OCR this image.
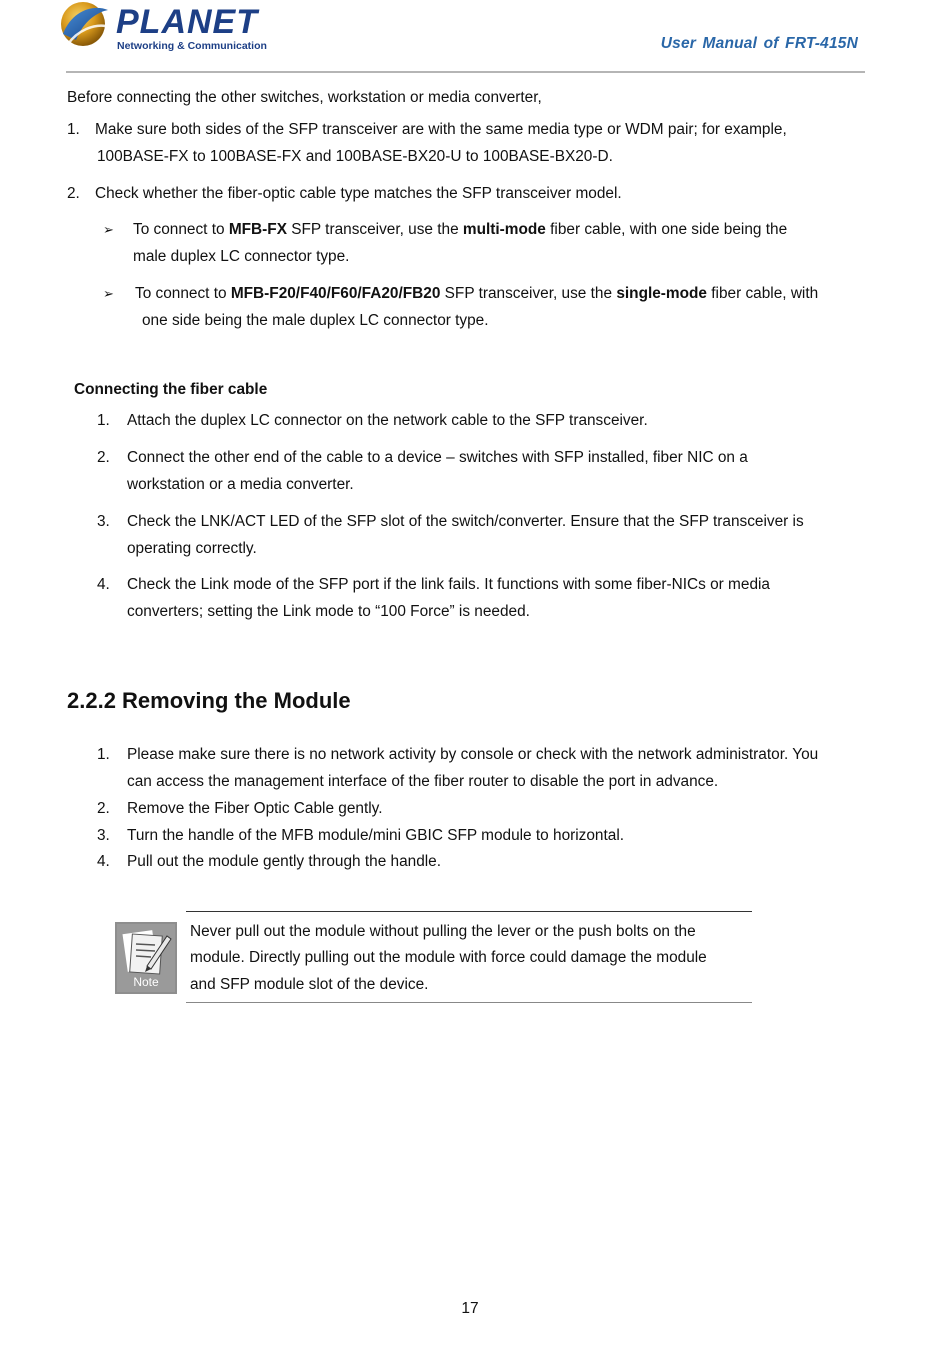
PLANET
Networking & Communication	User Manual of FRT-415N
Before connecting the other switches, workstation or media converter,
1. Make sure both sides of the SFP transceiver are with the same media type or WDM pair; for example,
100BASE-FX to 100BASE-FX and 100BASE-BX20-U to 100BASE-BX20-D.
2. Check whether the fiber-optic cable type matches the SFP transceiver model.
➢ To connect to MFB-FX SFP transceiver, use the multi-mode fiber cable, with one side being the
male duplex LC connector type.
➢ To connect to MFB-F20/F40/F60/FA20/FB20 SFP transceiver, use the single-mode fiber cable, with
one side being the male duplex LC connector type.
Connecting the fiber cable
1. Attach the duplex LC connector on the network cable to the SFP transceiver.
2. Connect the other end of the cable to a device – switches with SFP installed, fiber NIC on a
workstation or a media converter.
3. Check the LNK/ACT LED of the SFP slot of the switch/converter. Ensure that the SFP transceiver is
operating correctly.
4. Check the Link mode of the SFP port if the link fails. It functions with some fiber-NICs or media
converters; setting the Link mode to “100 Force” is needed.
2.2.2 Removing the Module
1. Please make sure there is no network activity by console or check with the network administrator. You
can access the management interface of the fiber router to disable the port in advance.
2. Remove the Fiber Optic Cable gently.
3. Turn the handle of the MFB module/mini GBIC SFP module to horizontal.
4. Pull out the module gently through the handle.
Note
Never pull out the module without pulling the lever or the push bolts on the
module. Directly pulling out the module with force could damage the module
and SFP module slot of the device.
17
